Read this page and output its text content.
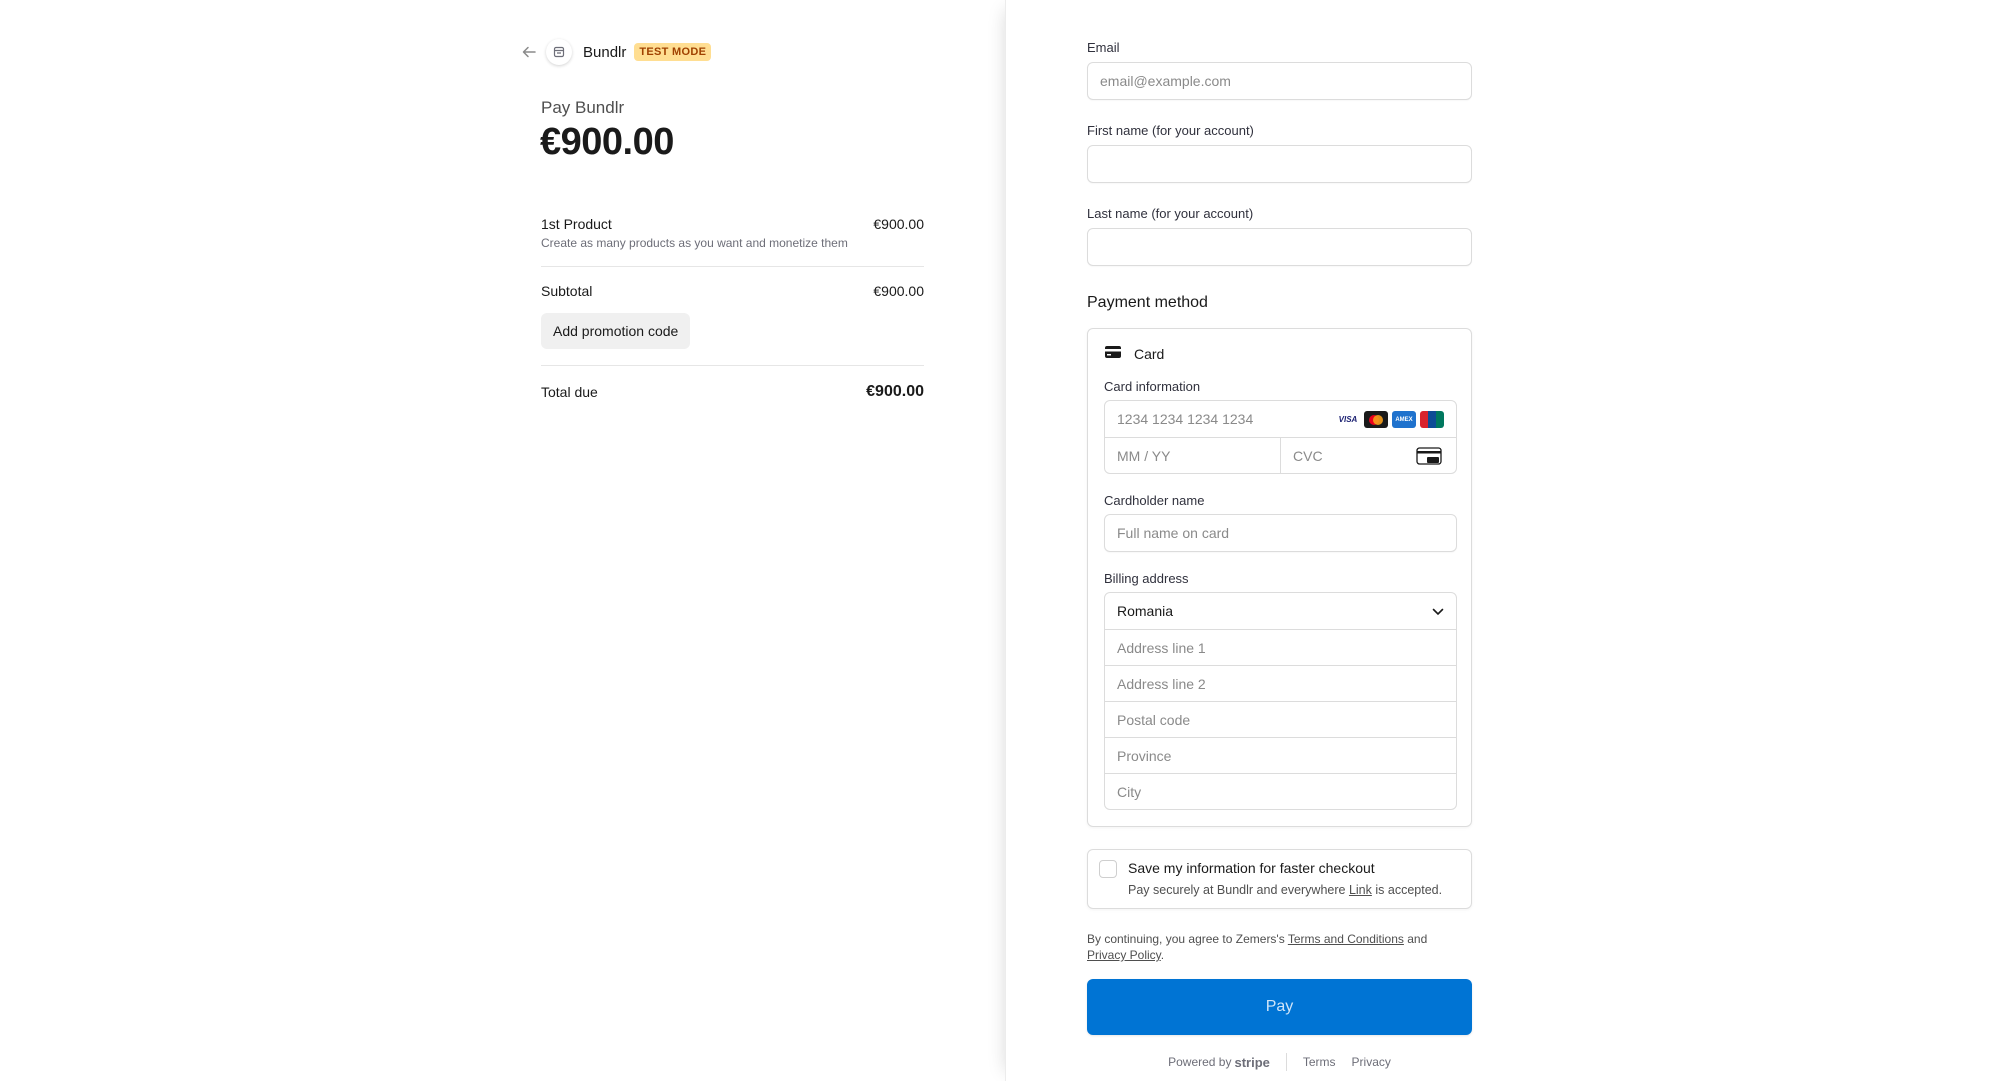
Bundlr	TEST MODE
Pay Bundlr
€900.00
1st Product	€900.00
Create as many products as you want and monetize them
Subtotal	€900.00
Add promotion code
Total due	€900.00
Email
email@example.com
First name (for your account)
Last name (for your account)
Payment method
Card
Card information
1234 1234 1234 1234	VISA	AMEX
MM / YY	CVC
Cardholder name
Full name on card
Billing address
Romania
Address line 1
Address line 2
Postal code
Province
City
Save my information for faster checkout
Pay securely at Bundlr and everywhere Link is accepted.
By continuing, you agree to Zemers's Terms and Conditions and
Privacy Policy.
Pay
Powered by stripe	Terms Privacy
